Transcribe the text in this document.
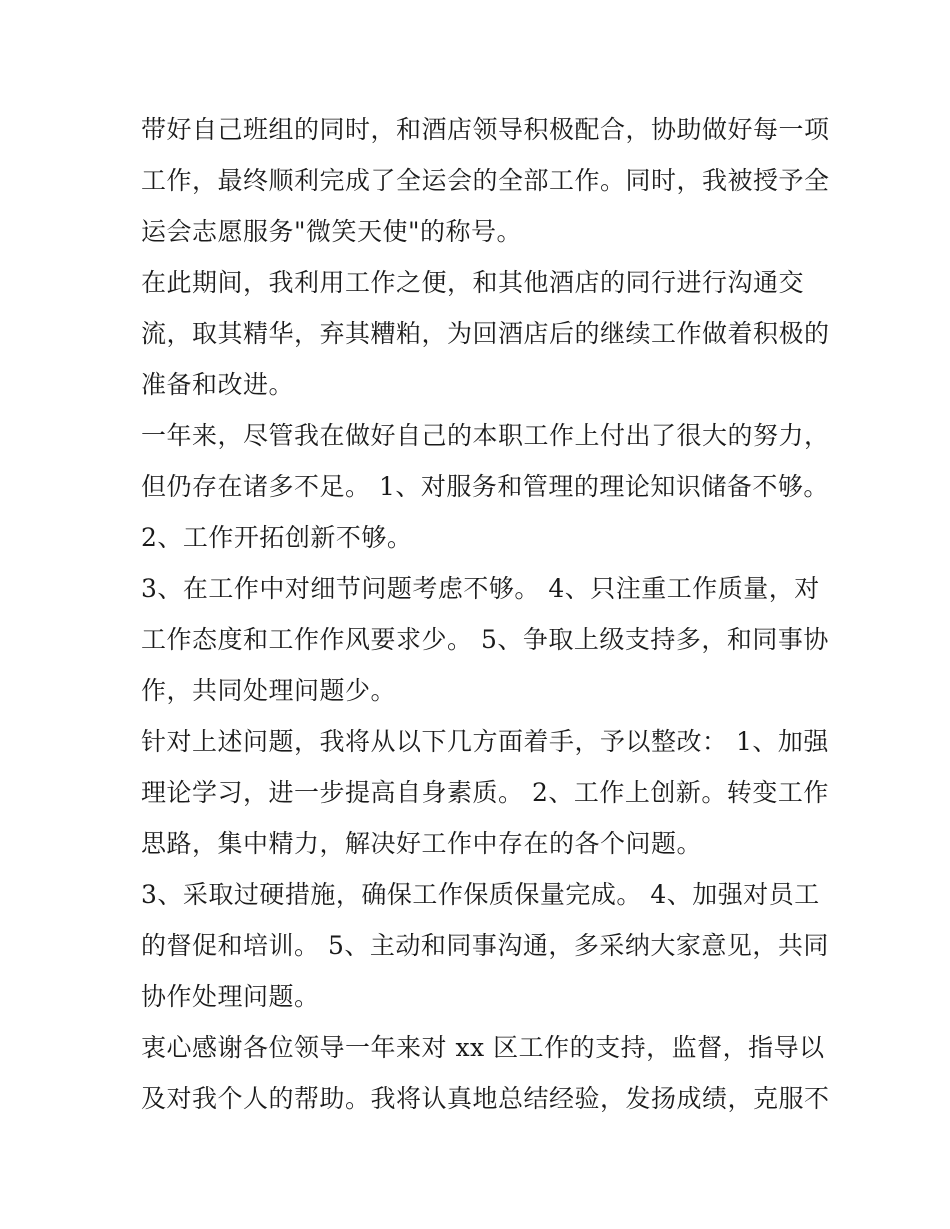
带好自己班组的同时，和酒店领导积极配合，协助做好每一项
工作，最终顺利完成了全运会的全部工作。同时，我被授予全
运会志愿服务"微笑天使"的称号。
在此期间，我利用工作之便，和其他酒店的同行进行沟通交
流，取其精华，弃其糟粕，为回酒店后的继续工作做着积极的
准备和改进。
一年来，尽管我在做好自己的本职工作上付出了很大的努力，
但仍存在诸多不足。 1、对服务和管理的理论知识储备不够。
2、工作开拓创新不够。
3、在工作中对细节问题考虑不够。 4、只注重工作质量，对
工作态度和工作作风要求少。 5、争取上级支持多，和同事协
作，共同处理问题少。
针对上述问题，我将从以下几方面着手，予以整改： 1、加强
理论学习，进一步提高自身素质。 2、工作上创新。转变工作
思路，集中精力，解决好工作中存在的各个问题。
3、采取过硬措施，确保工作保质保量完成。 4、加强对员工
的督促和培训。 5、主动和同事沟通，多采纳大家意见，共同
协作处理问题。
衷心感谢各位领导一年来对 xx 区工作的支持，监督，指导以
及对我个人的帮助。我将认真地总结经验，发扬成绩，克服不
